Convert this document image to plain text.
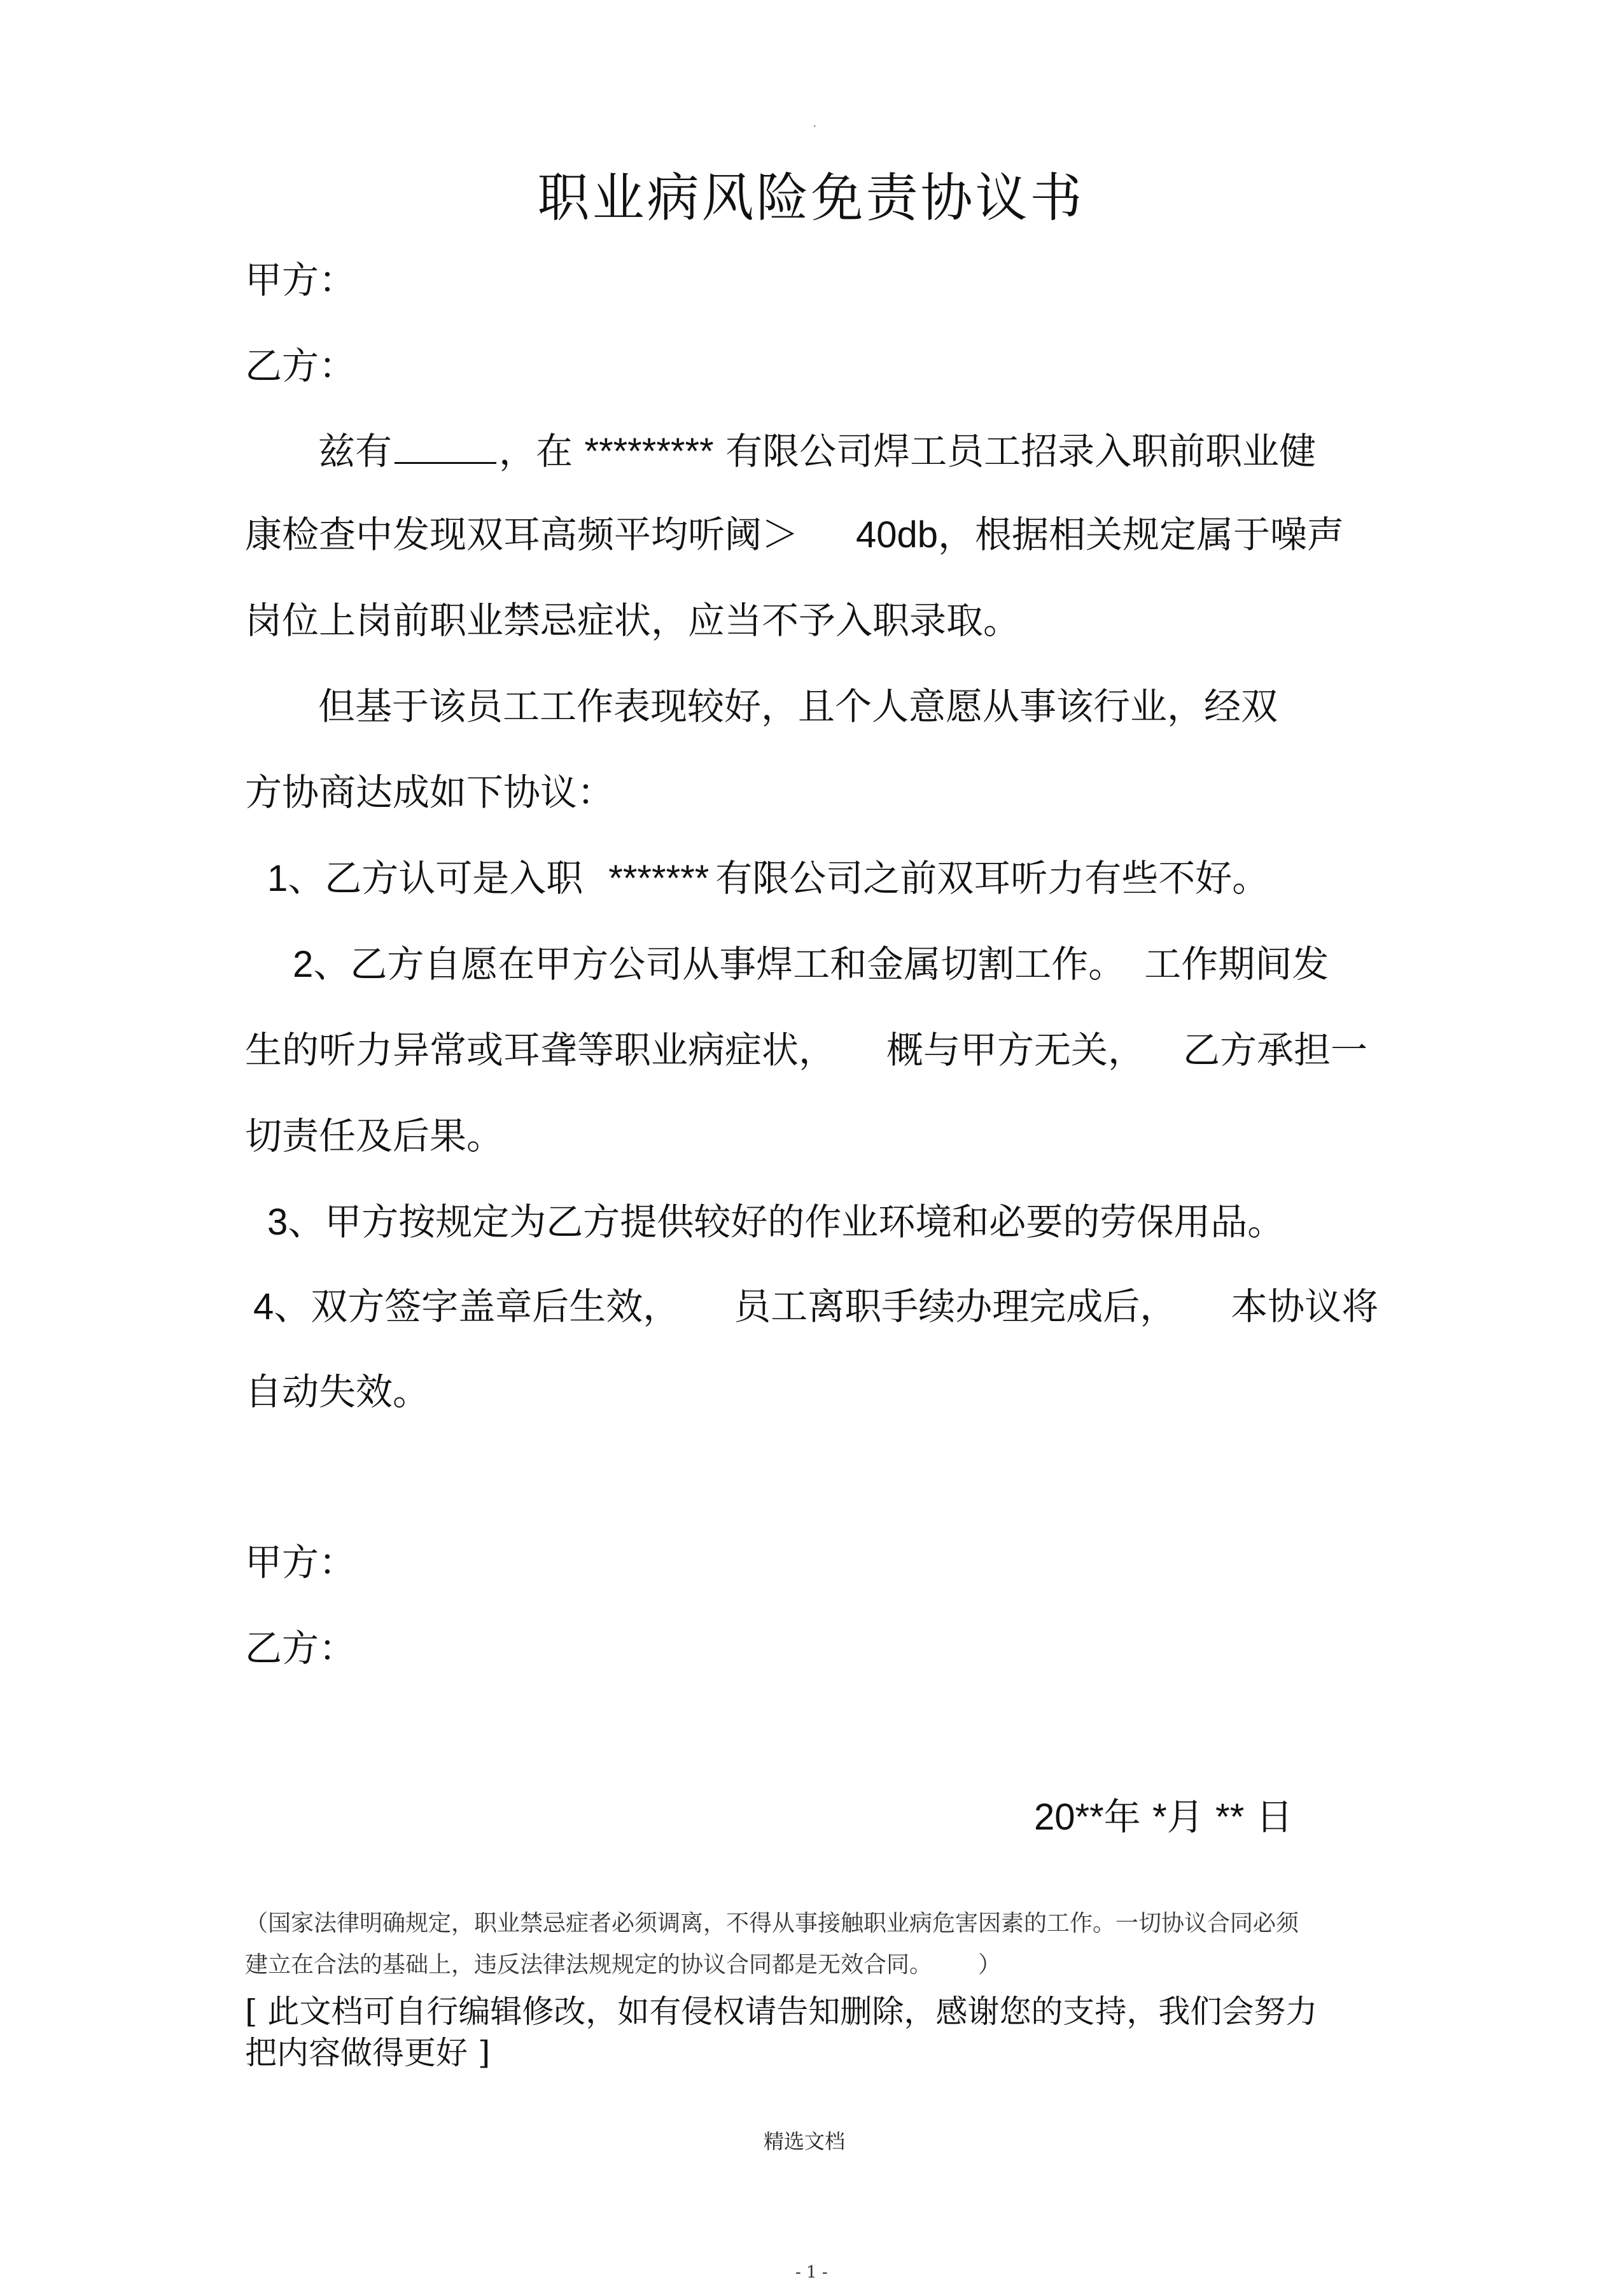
.
职业病风险免责协议书
甲方：
乙方：
兹有	，在 ********* 有限公司焊工员工招录入职前职业健
康检查中发现双耳高频平均听阈＞ 40db，根据相关规定属于噪声
岗位上岗前职业禁忌症状，应当不予入职录取。
但基于该员工工作表现较好，且个人意愿从事该行业，经双
方协商达成如下协议：
1、乙方认可是入职 ******* 有限公司之前双耳听力有些不好。
2、乙方自愿在甲方公司从事焊工和金属切割工作。 工作期间发
生的听力异常或耳聋等职业病症状， 概与甲方无关， 乙方承担一
切责任及后果。
3、甲方按规定为乙方提供较好的作业环境和必要的劳保用品。
4、双方签字盖章后生效， 员工离职手续办理完成后， 本协议将
自动失效。
甲方：
乙方：
20**年 *月 ** 日
（国家法律明确规定，职业禁忌症者必须调离，不得从事接触职业病危害因素的工作。一切协议合同必须
建立在合法的基础上，违反法律法规规定的协议合同都是无效合同。	）
[ 此文档可自行编辑修改，如有侵权请告知删除，感谢您的支持，我们会努力
把内容做得更好 ]
精选文档
- 1 -
